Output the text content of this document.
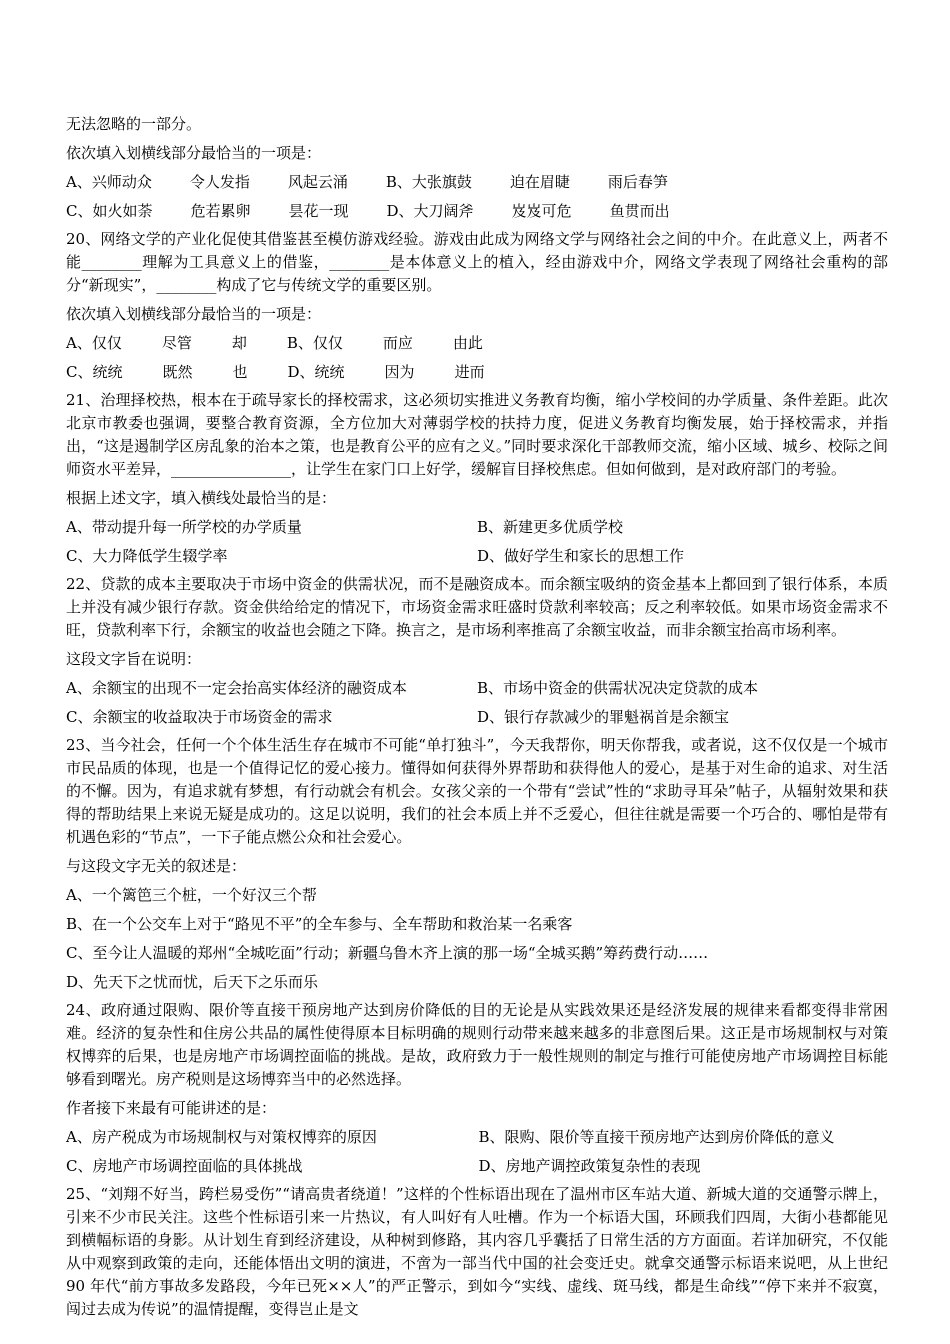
无法忽略的一部分。

依次填入划横线部分最恰当的一项是：

A、兴师动众	令人发指	风起云涌	B、大张旗鼓	迫在眉睫	雨后春笋
C、如火如荼	危若累卵	昙花一现	D、大刀阔斧	岌岌可危	鱼贯而出

20、网络文学的产业化促使其借鉴甚至模仿游戏经验。游戏由此成为网络文学与网络社会之间的中介。在此意义上，两者不能________理解为工具意义上的借鉴，________是本体意义上的植入，经由游戏中介，网络文学表现了网络社会重构的部分“新现实”，________构成了它与传统文学的重要区别。

依次填入划横线部分最恰当的一项是：

A、仅仅	尽管	却	B、仅仅	而应	由此
C、统统	既然	也	D、统统	因为	进而

21、治理择校热，根本在于疏导家长的择校需求，这必须切实推进义务教育均衡，缩小学校间的办学质量、条件差距。此次北京市教委也强调，要整合教育资源，全方位加大对薄弱学校的扶持力度，促进义务教育均衡发展，始于择校需求，并指出，“这是遏制学区房乱象的治本之策，也是教育公平的应有之义。”同时要求深化干部教师交流，缩小区域、城乡、校际之间师资水平差异，________________，让学生在家门口上好学，缓解盲目择校焦虑。但如何做到，是对政府部门的考验。

根据上述文字，填入横线处最恰当的是：

A、带动提升每一所学校的办学质量	B、新建更多优质学校
C、大力降低学生辍学率	D、做好学生和家长的思想工作

22、贷款的成本主要取决于市场中资金的供需状况，而不是融资成本。而余额宝吸纳的资金基本上都回到了银行体系，本质上并没有减少银行存款。资金供给给定的情况下，市场资金需求旺盛时贷款利率较高；反之利率较低。如果市场资金需求不旺，贷款利率下行，余额宝的收益也会随之下降。换言之，是市场利率推高了余额宝收益，而非余额宝抬高市场利率。

这段文字旨在说明：

A、余额宝的出现不一定会抬高实体经济的融资成本	B、市场中资金的供需状况决定贷款的成本
C、余额宝的收益取决于市场资金的需求	D、银行存款减少的罪魁祸首是余额宝

23、当今社会，任何一个个体生活生存在城市不可能“单打独斗”，今天我帮你，明天你帮我，或者说，这不仅仅是一个城市市民品质的体现，也是一个值得记忆的爱心接力。懂得如何获得外界帮助和获得他人的爱心，是基于对生命的追求、对生活的不懈。因为，有追求就有梦想，有行动就会有机会。女孩父亲的一个带有“尝试”性的“求助寻耳朵”帖子，从辐射效果和获得的帮助结果上来说无疑是成功的。这足以说明，我们的社会本质上并不乏爱心，但往往就是需要一个巧合的、哪怕是带有机遇色彩的“节点”，一下子能点燃公众和社会爱心。

与这段文字无关的叙述是：

A、一个篱笆三个桩，一个好汉三个帮

B、在一个公交车上对于“路见不平”的全车参与、全车帮助和救治某一名乘客

C、至今让人温暖的郑州“全城吃面”行动；新疆乌鲁木齐上演的那一场“全城买鹅”筹药费行动……

D、先天下之忧而忧，后天下之乐而乐

24、政府通过限购、限价等直接干预房地产达到房价降低的目的无论是从实践效果还是经济发展的规律来看都变得非常困难。经济的复杂性和住房公共品的属性使得原本目标明确的规则行动带来越来越多的非意图后果。这正是市场规制权与对策权博弈的后果，也是房地产市场调控面临的挑战。是故，政府致力于一般性规则的制定与推行可能使房地产市场调控目标能够看到曙光。房产税则是这场博弈当中的必然选择。

作者接下来最有可能讲述的是：

A、房产税成为市场规制权与对策权博弈的原因	B、限购、限价等直接干预房地产达到房价降低的意义
C、房地产市场调控面临的具体挑战	D、房地产调控政策复杂性的表现

25、“刘翔不好当，跨栏易受伤”“请高贵者绕道！”这样的个性标语出现在了温州市区车站大道、新城大道的交通警示牌上，引来不少市民关注。这些个性标语引来一片热议，有人叫好有人吐槽。作为一个标语大国，环顾我们四周，大街小巷都能见到横幅标语的身影。从计划生育到经济建设，从种树到修路，其内容几乎囊括了日常生活的方方面面。若详加研究，不仅能从中观察到政策的走向，还能体悟出文明的演进，不啻为一部当代中国的社会变迁史。就拿交通警示标语来说吧，从上世纪 90 年代“前方事故多发路段，今年已死××人”的严正警示，到如今“实线、虚线、斑马线，都是生命线”“停下来并不寂寞，闯过去成为传说”的温情提醒，变得岂止是文
